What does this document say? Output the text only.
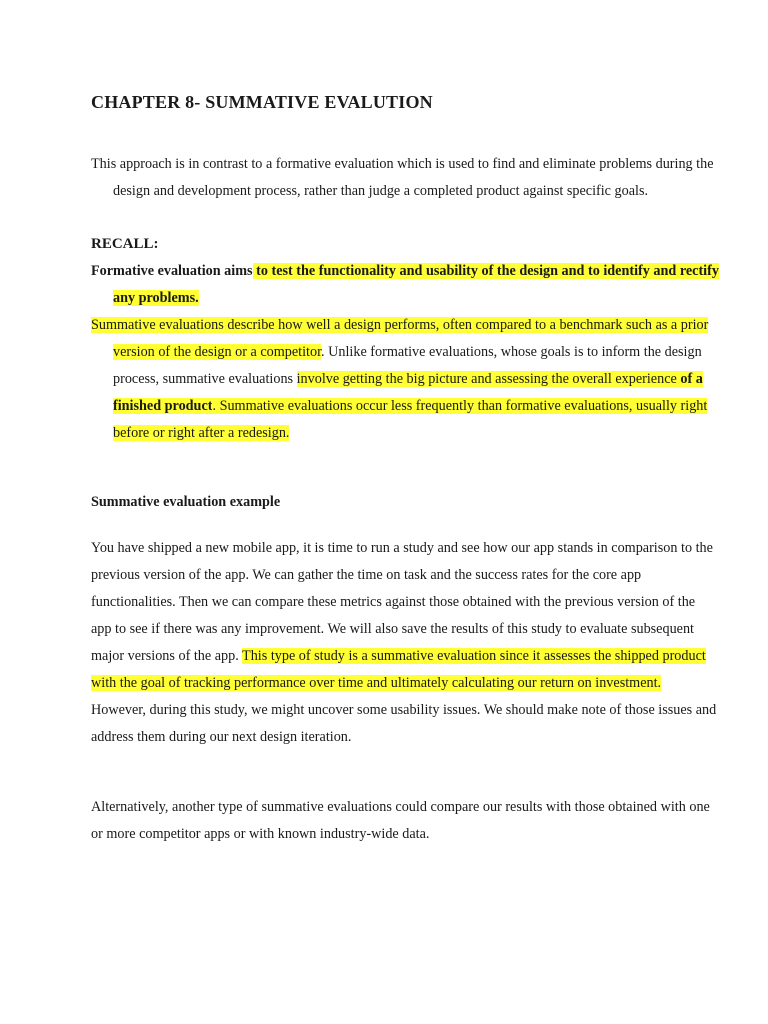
CHAPTER 8- SUMMATIVE EVALUTION

This approach is in contrast to a formative evaluation which is used to find and eliminate problems during the design and development process, rather than judge a completed product against specific goals.

RECALL:

Formative evaluation aims to test the functionality and usability of the design and to identify and rectify any problems.

Summative evaluations describe how well a design performs, often compared to a benchmark such as a prior version of the design or a competitor. Unlike formative evaluations, whose goals is to inform the design process, summative evaluations involve getting the big picture and assessing the overall experience of a finished product. Summative evaluations occur less frequently than formative evaluations, usually right before or right after a redesign.

Summative evaluation example

You have shipped a new mobile app, it is time to run a study and see how our app stands in comparison to the previous version of the app. We can gather the time on task and the success rates for the core app functionalities. Then we can compare these metrics against those obtained with the previous version of the app to see if there was any improvement. We will also save the results of this study to evaluate subsequent major versions of the app. This type of study is a summative evaluation since it assesses the shipped product with the goal of tracking performance over time and ultimately calculating our return on investment. However, during this study, we might uncover some usability issues. We should make note of those issues and address them during our next design iteration.

Alternatively, another type of summative evaluations could compare our results with those obtained with one or more competitor apps or with known industry-wide data.
